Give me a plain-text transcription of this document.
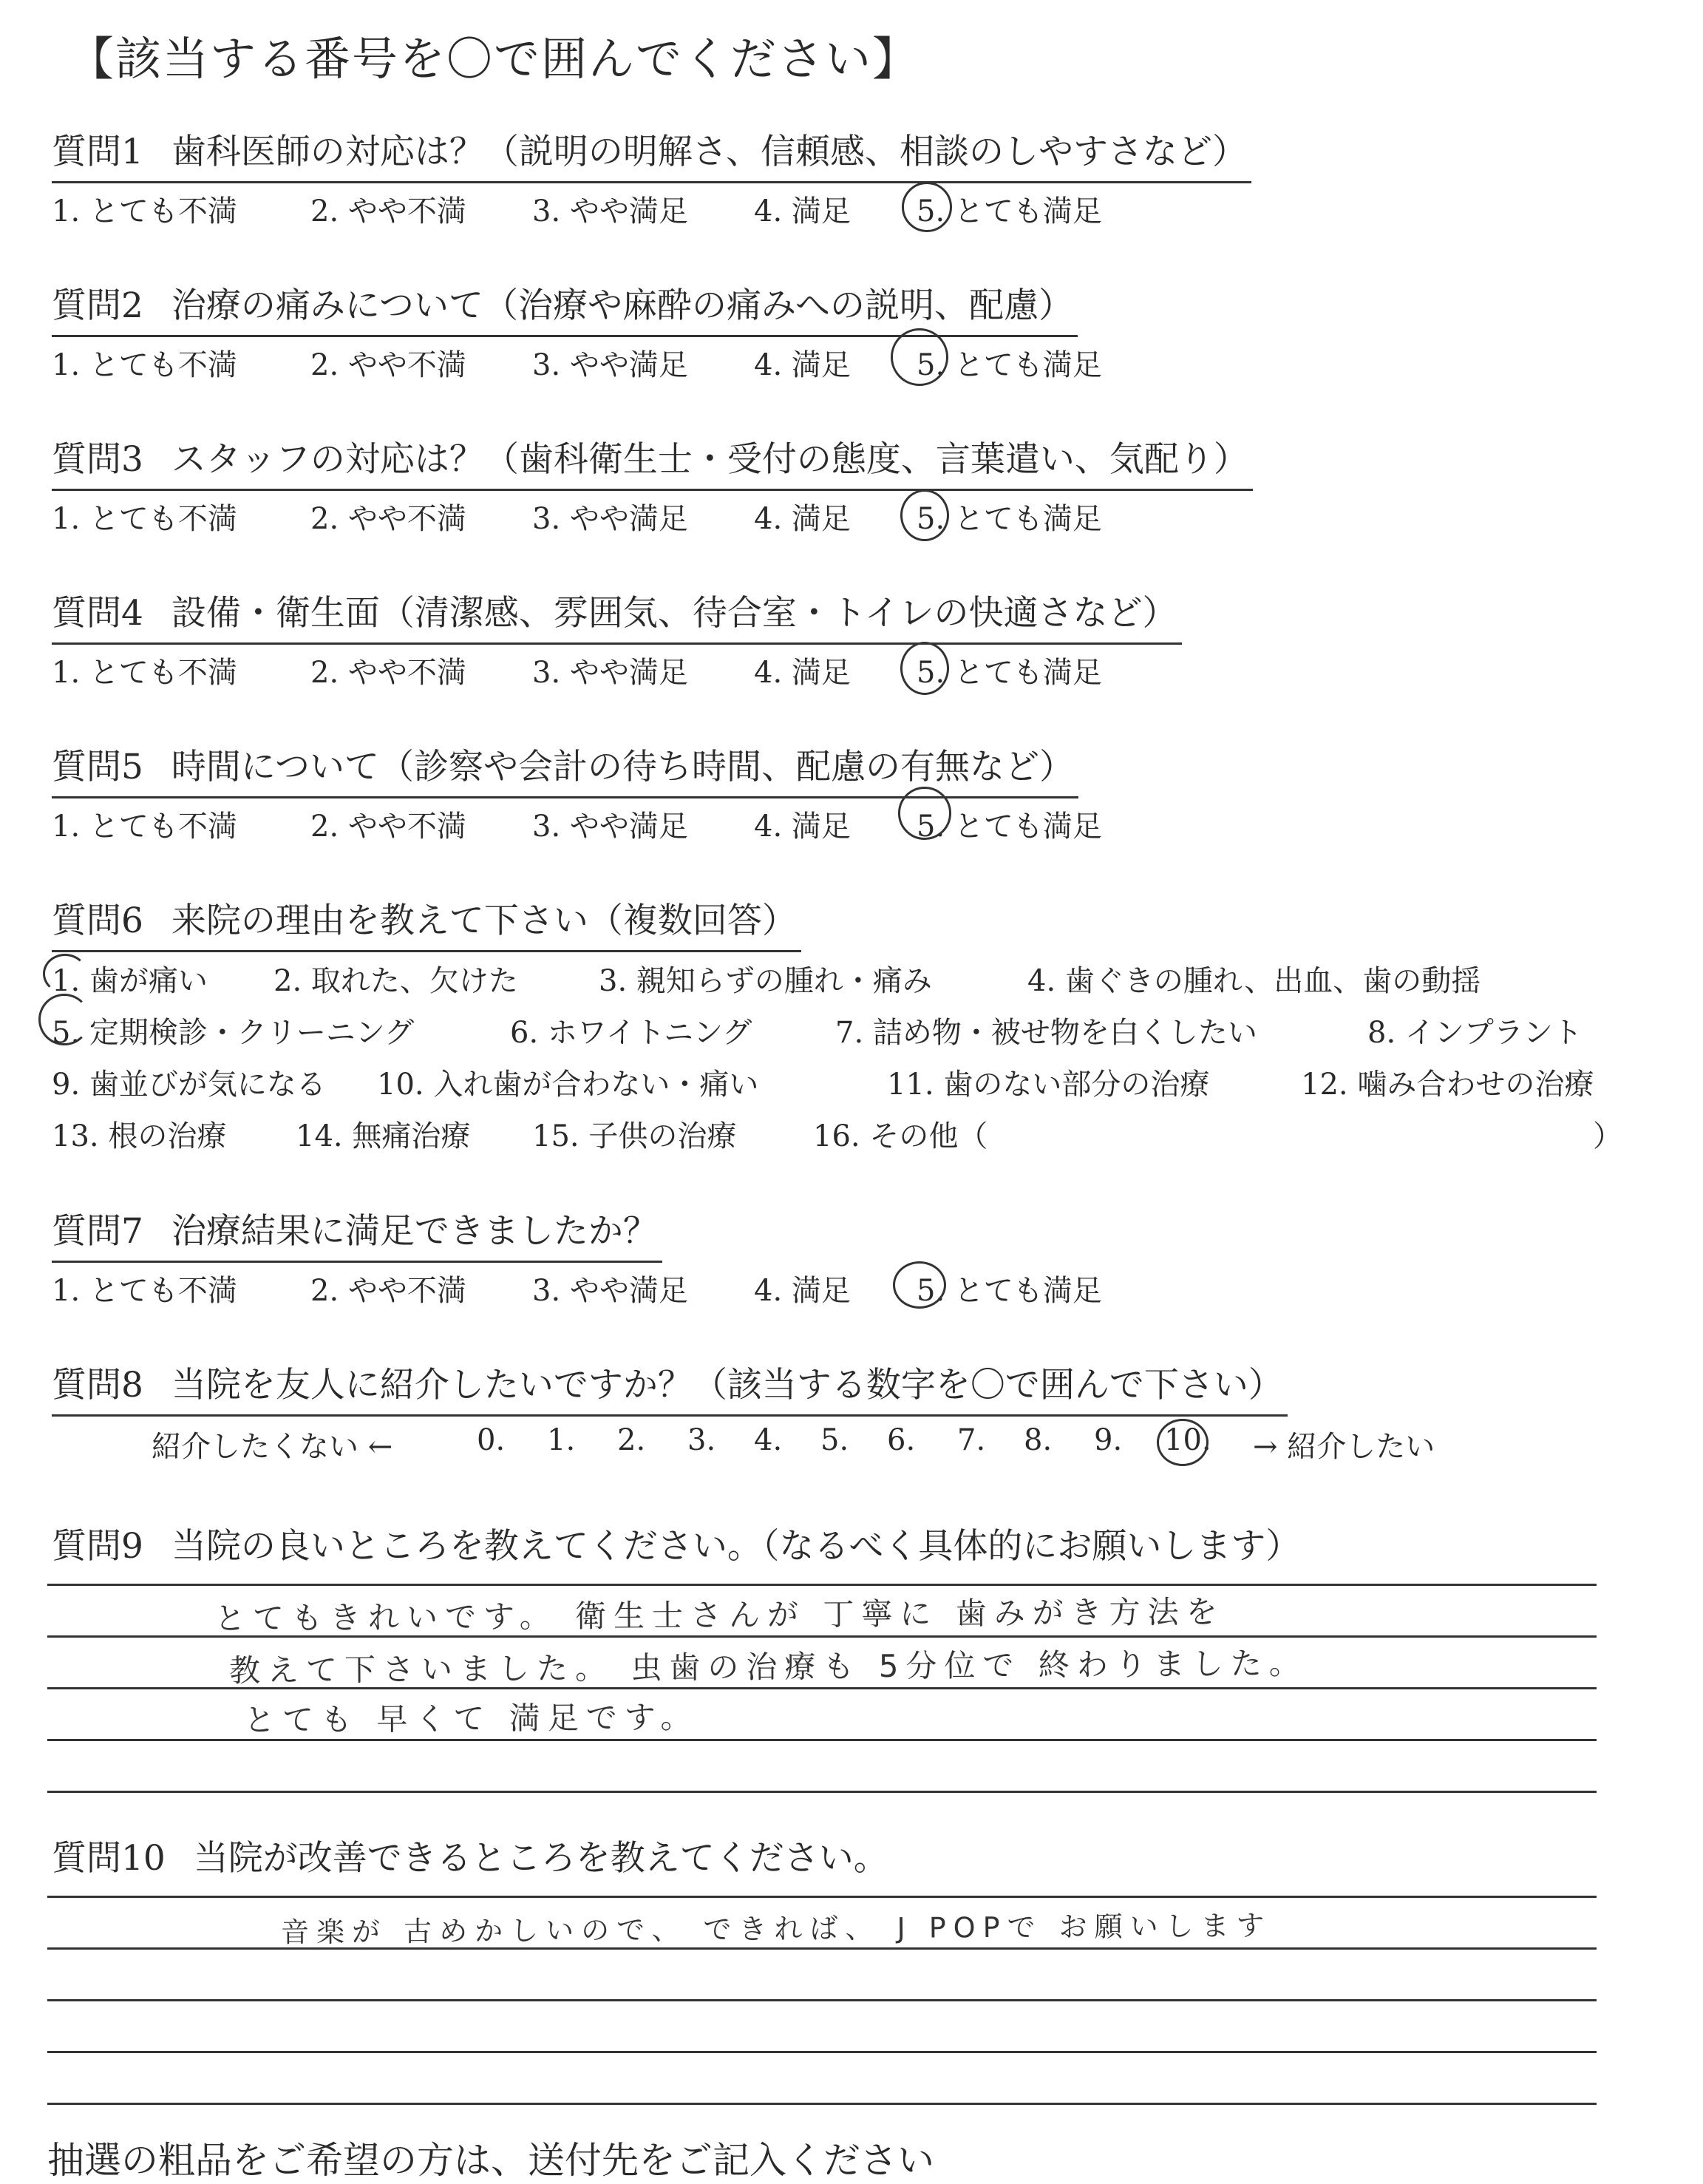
【該当する番号を〇で囲んでください】
質問1 歯科医師の対応は？（説明の明解さ、信頼感、相談のしやすさなど）
1. とても不満 2. やや不満 3. やや満足 4. 満足 5. とても満足
質問2 治療の痛みについて（治療や麻酔の痛みへの説明、配慮）
1. とても不満 2. やや不満 3. やや満足 4. 満足 5. とても満足
質問3 スタッフの対応は？（歯科衛生士・受付の態度、言葉遣い、気配り）
1. とても不満 2. やや不満 3. やや満足 4. 満足 5. とても満足
質問4 設備・衛生面（清潔感、雰囲気、待合室・トイレの快適さなど）
1. とても不満 2. やや不満 3. やや満足 4. 満足 5. とても満足
質問5 時間について（診察や会計の待ち時間、配慮の有無など）
1. とても不満 2. やや不満 3. やや満足 4. 満足 5. とても満足
質問6 来院の理由を教えて下さい（複数回答）
1. 歯が痛い 2. 取れた、欠けた	3. 親知らずの腫れ・痛み	4. 歯ぐきの腫れ、出血、歯の動揺
5. 定期検診・クリーニング	6. ホワイトニング	7. 詰め物・被せ物を白くしたい	8. インプラント
9. 歯並びが気になる 10. 入れ歯が合わない・痛い	11. 歯のない部分の治療	12. 噛み合わせの治療
13. 根の治療 14. 無痛治療 15. 子供の治療	16. その他（	）
質問7 治療結果に満足できましたか？
1. とても不満 2. やや不満 3. やや満足 4. 満足 5. とても満足
質問8 当院を友人に紹介したいですか？（該当する数字を〇で囲んで下さい）
紹介したくない ←	0. 1. 2. 3. 4. 5. 6. 7. 8. 9. 10. → 紹介したい
質問9 当院の良いところを教えてください。（なるべく具体的にお願いします）
とてもきれいです。 衛生士さんが 丁寧に 歯みがき方法を
教えて下さいました。 虫歯の治療も 5分位で 終わりました。
とても 早くて 満足です。
質問10 当院が改善できるところを教えてください。
音楽が 古めかしいので、 できれば、 J POPで お願いします
抽選の粗品をご希望の方は、送付先をご記入ください
